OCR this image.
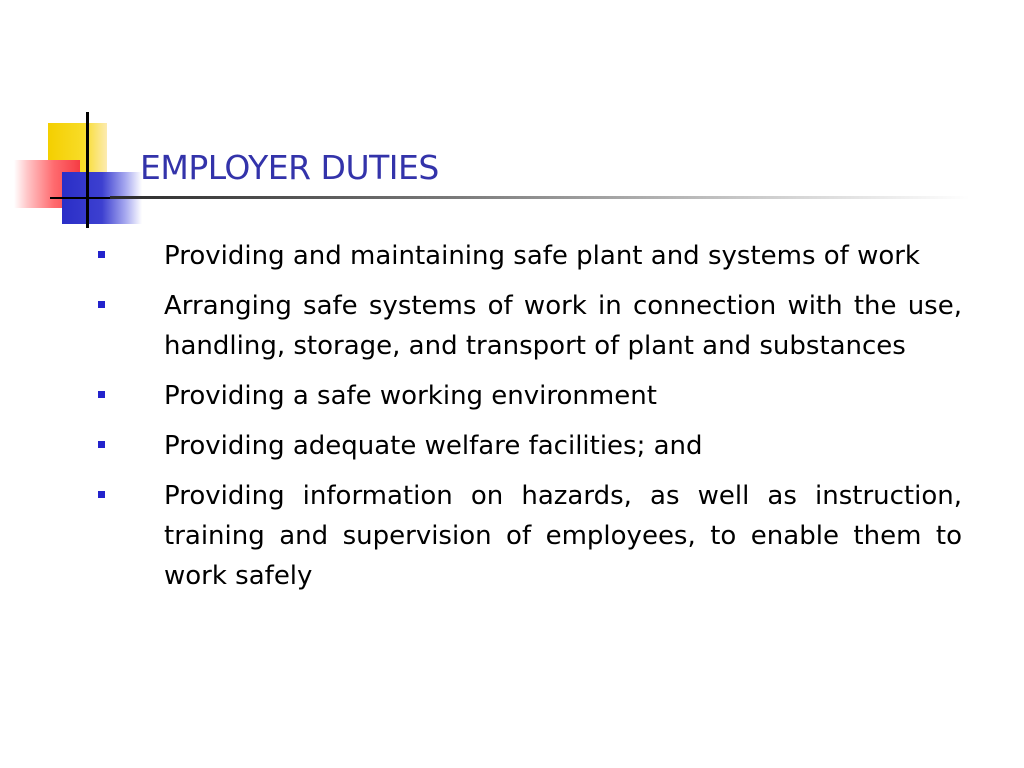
EMPLOYER DUTIES
Providing and maintaining safe plant and systems of work
Arranging safe systems of work in connection with the use, handling, storage, and transport of plant and substances
Providing a safe working environment
Providing adequate welfare facilities; and
Providing information on hazards, as well as instruction, training and supervision of employees, to enable them to work safely
